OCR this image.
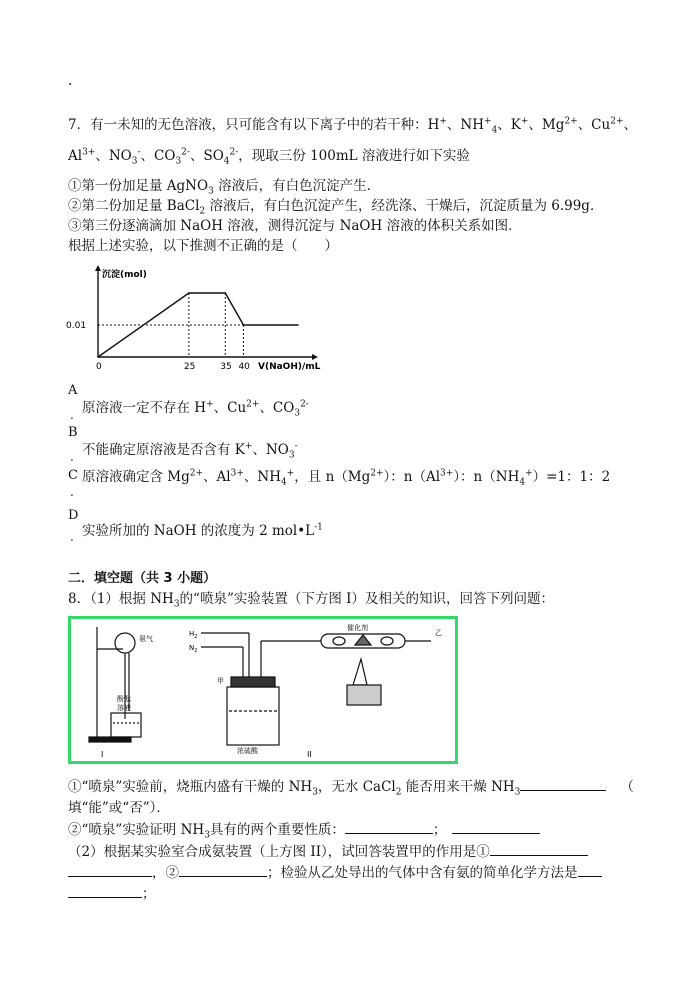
.
7．有一未知的无色溶液，只可能含有以下离子中的若干种：H+、$NH^+_4$、K+、$Mg^{2+}$、$Cu^{2+}$、
$Al^{3+}$、$NO_3^-$、$CO_3^{2-}$、$SO_4^{2-}$，现取三份 100mL 溶液进行如下实验
①第一份加足量 AgNO$_3$ 溶液后，有白色沉淀产生．
②第二份加足量 BaCl$_2$ 溶液后，有白色沉淀产生，经洗涤、干燥后，沉淀质量为 6.99g．
③第三份逐滴滴加 NaOH 溶液，测得沉淀与 NaOH 溶液的体积关系如图．
根据上述实验，以下推测不正确的是（　　）
0	25	35 40
0.01
沉淀(mol)
V(NaOH)/mL
A
原溶液一定不存在 H+、$Cu^{2+}$、$CO_3^{2-}$
.
B
不能确定原溶液是否含有 K+、$NO_3^-$
.
C 原溶液确定含 $Mg^{2+}$、$Al^{3+}$、$NH_4^+$，且 $n(Mg^{2+})$：$n(Al^{3+})$：$n(NH_4^+)=1$：1：2
.
D
实验所加的 NaOH 的浓度为 2 $mol•L^{-1}$
.
二．填空题（共 3 小题）
8．（1）根据 $NH_3$的“喷泉”实验装置（下方图 I）及相关的知识，回答下列问题：
氨气
酚酞
溶液
I
$H_2$
$N_2$
甲
乙
催化剂
浓硫酸	II
①“喷泉”实验前，烧瓶内盛有干燥的 $NH_3$，无水 CaCl$_2$ 能否用来干燥 $NH_3$	（
填“能”或“否”）．
②“喷泉”实验证明 $NH_3$具有的两个重要性质：	；
（2）根据某实验室合成氨装置（上方图 II），试回答装置甲的作用是①
，②	；检验从乙处导出的气体中含有氨的简单化学方法是
；
